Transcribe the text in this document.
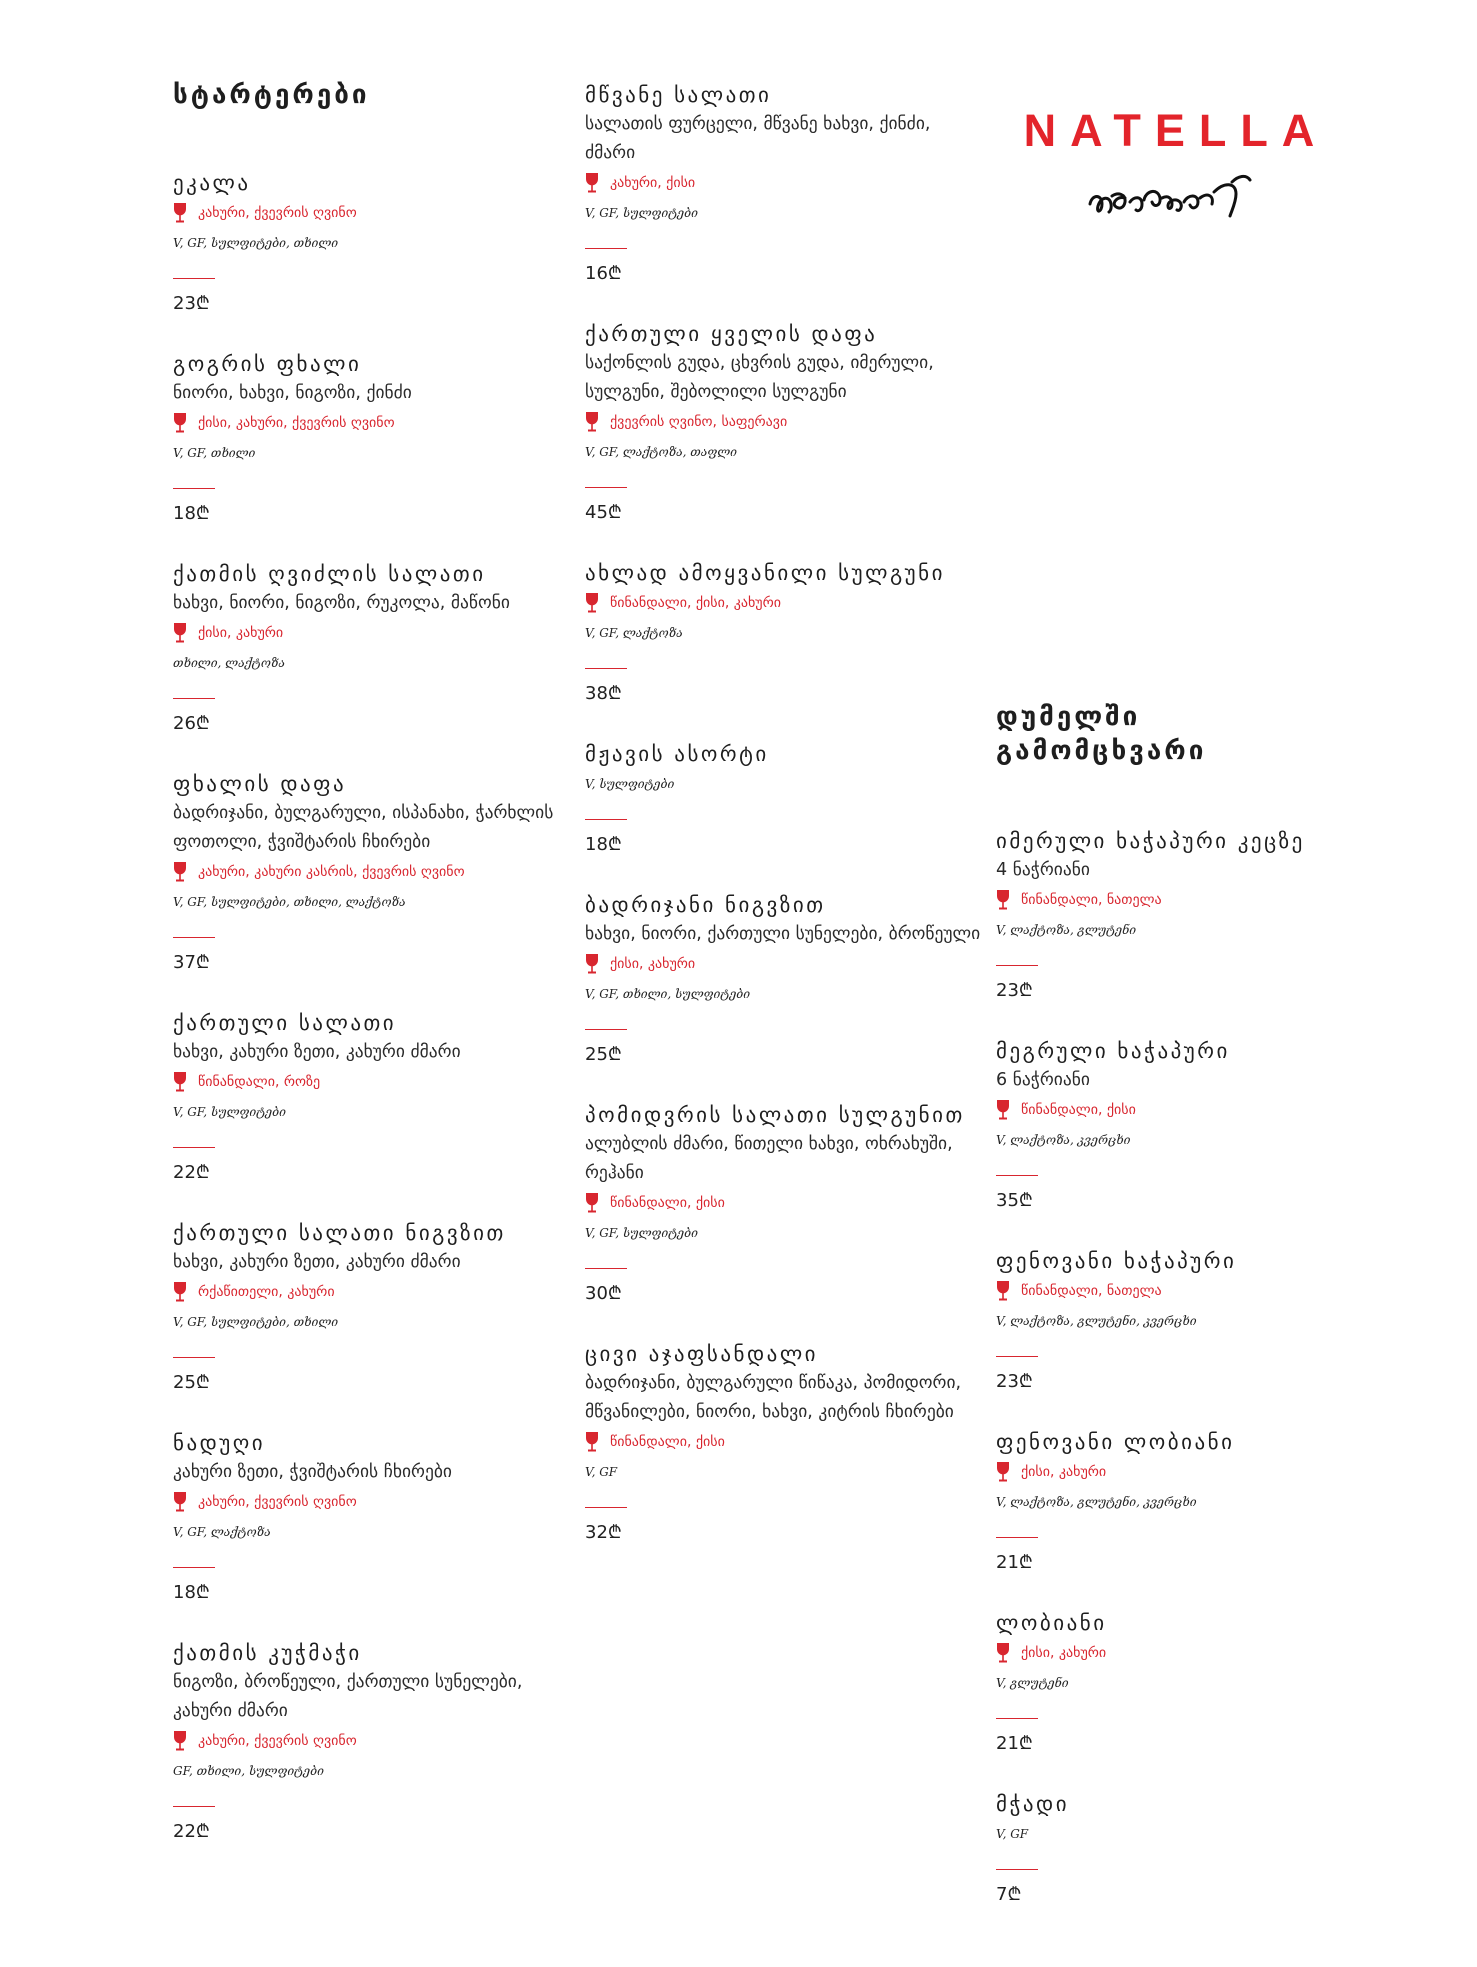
სტარტერები
ეკალა
კახური, ქვევრის ღვინო
V, GF, სულფიტები, თხილი
23₾
გოგრის ფხალი
ნიორი, ხახვი, ნიგოზი, ქინძი
ქისი, კახური, ქვევრის ღვინო
V, GF, თხილი
18₾
ქათმის ღვიძლის სალათი
ხახვი, ნიორი, ნიგოზი, რუკოლა, მაწონი
ქისი, კახური
თხილი, ლაქტოზა
26₾
ფხალის დაფა
ბადრიჯანი, ბულგარული, ისპანახი, ჭარხლის ფოთოლი, ჭვიშტარის ჩხირები
კახური, კახური კასრის, ქვევრის ღვინო
V, GF, სულფიტები, თხილი, ლაქტოზა
37₾
ქართული სალათი
ხახვი, კახური ზეთი, კახური ძმარი
წინანდალი, როზე
V, GF, სულფიტები
22₾
ქართული სალათი ნიგვზით
ხახვი, კახური ზეთი, კახური ძმარი
რქაწითელი, კახური
V, GF, სულფიტები, თხილი
25₾
ნადუღი
კახური ზეთი, ჭვიშტარის ჩხირები
კახური, ქვევრის ღვინო
V, GF, ლაქტოზა
18₾
ქათმის კუჭმაჭი
ნიგოზი, ბროწეული, ქართული სუნელები, კახური ძმარი
კახური, ქვევრის ღვინო
GF, თხილი, სულფიტები
22₾
მწვანე სალათი
სალათის ფურცელი, მწვანე ხახვი, ქინძი, ძმარი
კახური, ქისი
V, GF, სულფიტები
16₾
ქართული ყველის დაფა
საქონლის გუდა, ცხვრის გუდა, იმერული, სულგუნი, შებოლილი სულგუნი
ქვევრის ღვინო, საფერავი
V, GF, ლაქტოზა, თაფლი
45₾
ახლად ამოყვანილი სულგუნი
წინანდალი, ქისი, კახური
V, GF, ლაქტოზა
38₾
მჟავის ასორტი
V, სულფიტები
18₾
ბადრიჯანი ნიგვზით
ხახვი, ნიორი, ქართული სუნელები, ბროწეული
ქისი, კახური
V, GF, თხილი, სულფიტები
25₾
პომიდვრის სალათი სულგუნით
ალუბლის ძმარი, წითელი ხახვი, ოხრახუში, რეჰანი
წინანდალი, ქისი
V, GF, სულფიტები
30₾
ცივი აჯაფსანდალი
ბადრიჯანი, ბულგარული წიწაკა, პომიდორი, მწვანილები, ნიორი, ხახვი, კიტრის ჩხირები
წინანდალი, ქისი
V, GF
32₾
დუმელში გამომცხვარი
იმერული ხაჭაპური კეცზე
4 ნაჭრიანი
წინანდალი, ნათელა
V, ლაქტოზა, გლუტენი
23₾
მეგრული ხაჭაპური
6 ნაჭრიანი
წინანდალი, ქისი
V, ლაქტოზა, კვერცხი
35₾
ფენოვანი ხაჭაპური
წინანდალი, ნათელა
V, ლაქტოზა, გლუტენი, კვერცხი
23₾
ფენოვანი ლობიანი
ქისი, კახური
V, ლაქტოზა, გლუტენი, კვერცხი
21₾
ლობიანი
ქისი, კახური
V, გლუტენი
21₾
მჭადი
V, GF
7₾
NATELLA
ნატელა
